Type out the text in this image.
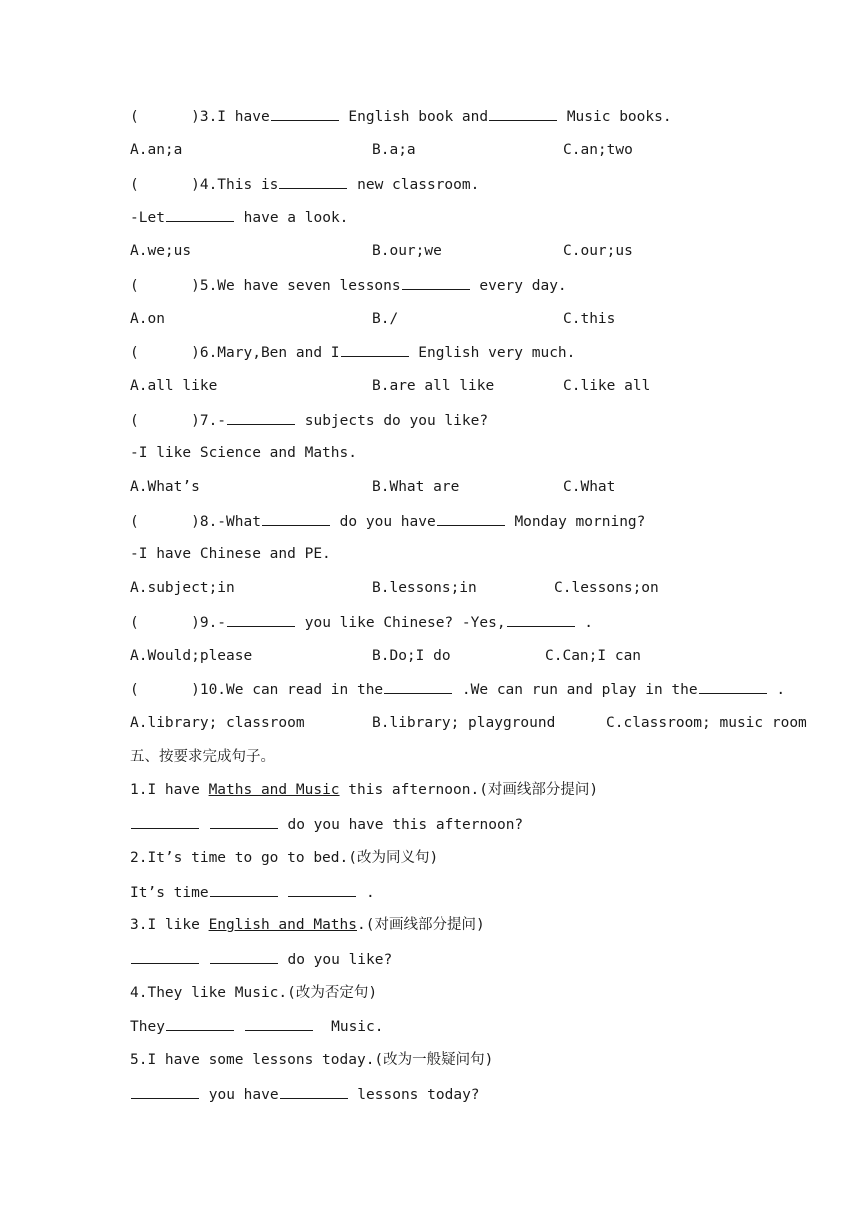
(      )3.I have	English book and	Music books.

A.an;a

	B.a;a

	C.an;two

(      )4.This is	new classroom.
-Let	have a look.

A.we;us

	B.our;we

	C.our;us

(      )5.We have seven lessons	every day.

A.on

	B./

	C.this

(      )6.Mary,Ben and I	English very much.

A.all like

	B.are all like

	C.like all

(      )7.-	subjects do you like?
-I like Science and Maths.

A.What’s

	B.What are

	C.What

(      )8.-What	do you have	Monday morning?
-I have Chinese and PE.

A.subject;in

	B.lessons;in

	C.lessons;on

(      )9.-	you like Chinese? -Yes,	.

A.Would;please

	B.Do;I do

	C.Can;I can

(      )10.We can read in the	.We can run and play in the	.

A.library; classroom

	B.library; playground

	C.classroom; music room

五、按要求完成句子。
1.I have Maths and Music this afternoon.(对画线部分提问)
do you have this afternoon?
2.It’s time to go to bed.(改为同义句)
It’s time	.
3.I like English and Maths.(对画线部分提问)
do you like?
4.They like Music.(改为否定句)
They	Music.
5.I have some lessons today.(改为一般疑问句)
you have	lessons today?
